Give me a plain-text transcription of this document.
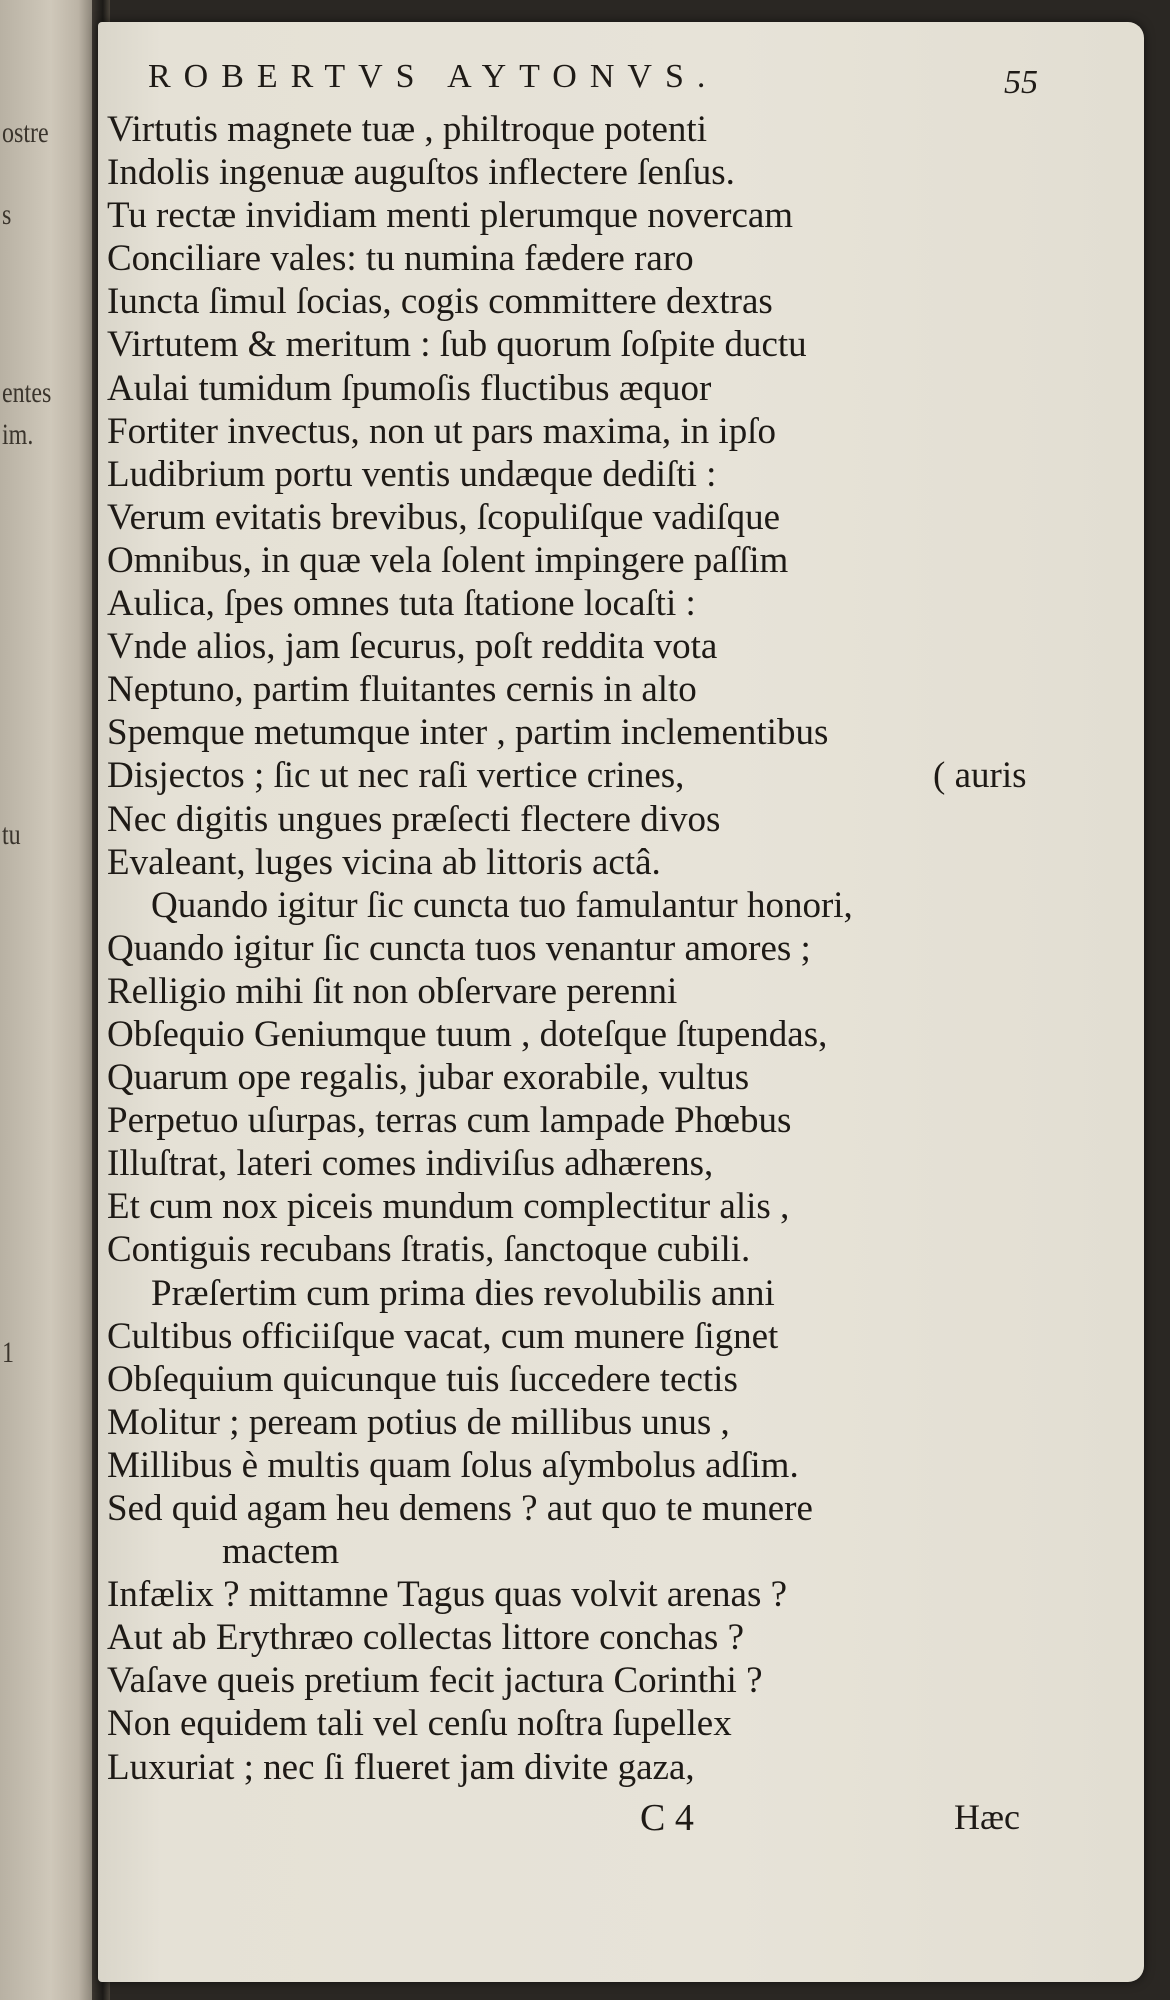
ostre
s
entes
im.
tu
1
ROBERTVS AYTONVS.	55
Virtutis magnete tuæ , philtroque potenti
Indolis ingenuæ auguſtos inflectere ſenſus.
Tu rectæ invidiam menti plerumque novercam
Conciliare vales: tu numina fædere raro
Iuncta ſimul ſocias, cogis committere dextras
Virtutem & meritum : ſub quorum ſoſpite ductu
Aulai tumidum ſpumoſis fluctibus æquor
Fortiter invectus, non ut pars maxima, in ipſo
Ludibrium portu ventis undæque dediſti :
Verum evitatis brevibus, ſcopuliſque vadiſque
Omnibus, in quæ vela ſolent impingere paſſim
Aulica, ſpes omnes tuta ſtatione locaſti :
Vnde alios, jam ſecurus, poſt reddita vota
Neptuno, partim fluitantes cernis in alto
Spemque metumque inter , partim inclementibus
Disjectos ; ſic ut nec raſi vertice crines,	( auris
Nec digitis ungues præſecti flectere divos
Evaleant, luges vicina ab littoris actâ.
Quando igitur ſic cuncta tuo famulantur honori,
Quando igitur ſic cuncta tuos venantur amores ;
Relligio mihi ſit non obſervare perenni
Obſequio Geniumque tuum , doteſque ſtupendas,
Quarum ope regalis, jubar exorabile, vultus
Perpetuo uſurpas, terras cum lampade Phœbus
Illuſtrat, lateri comes indiviſus adhærens,
Et cum nox piceis mundum complectitur alis ,
Contiguis recubans ſtratis, ſanctoque cubili.
Præſertim cum prima dies revolubilis anni
Cultibus officiiſque vacat, cum munere ſignet
Obſequium quicunque tuis ſuccedere tectis
Molitur ; peream potius de millibus unus ,
Millibus è multis quam ſolus aſymbolus adſim.
Sed quid agam heu demens ? aut quo te munere
mactem
Infælix ? mittamne Tagus quas volvit arenas ?
Aut ab Erythræo collectas littore conchas ?
Vaſave queis pretium fecit jactura Corinthi ?
Non equidem tali vel cenſu noſtra ſupellex
Luxuriat ; nec ſi flueret jam divite gaza,
C 4	Hæc
